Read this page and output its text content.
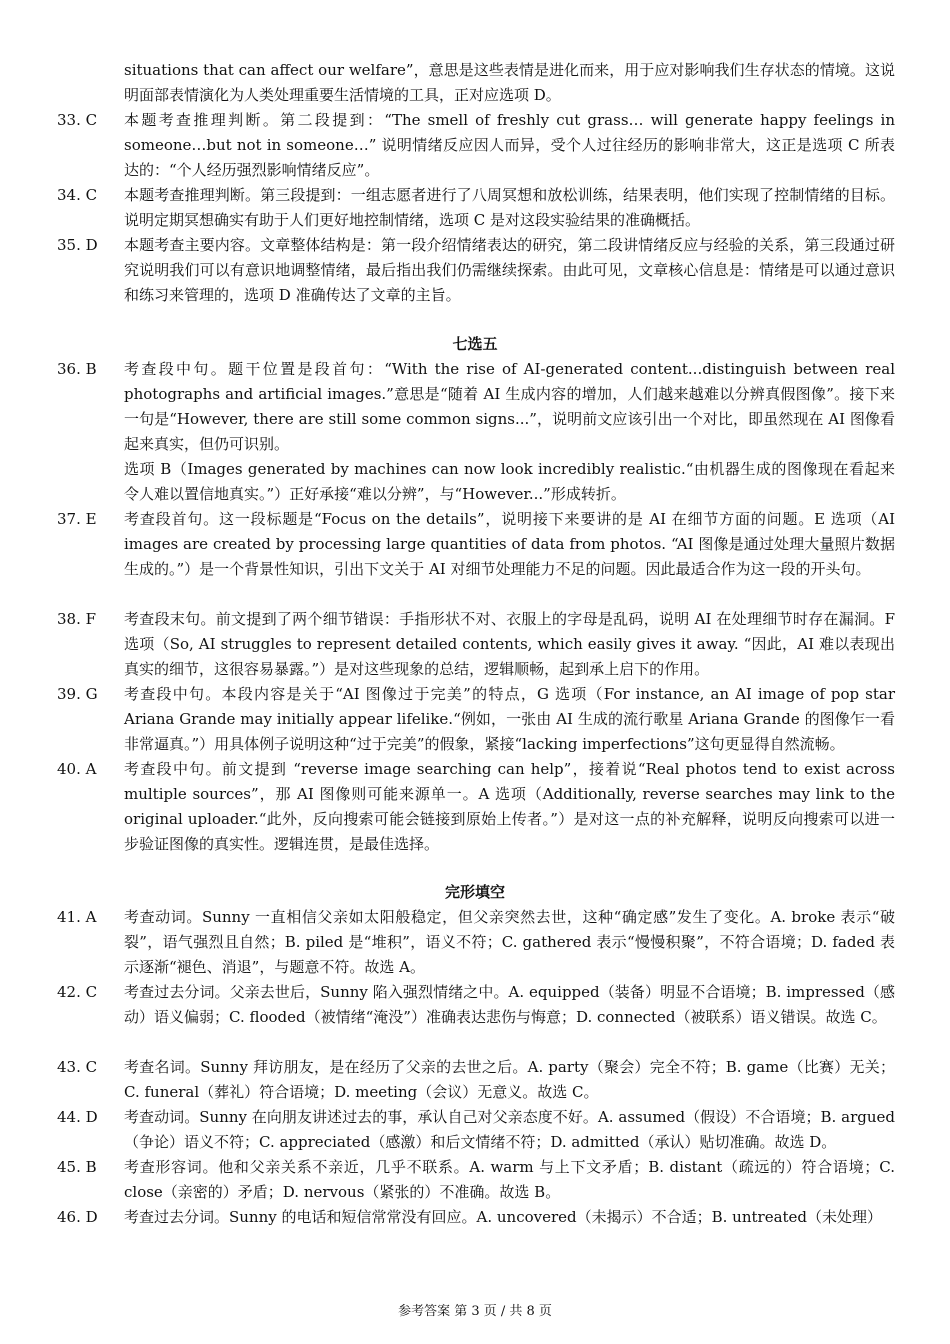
situations that can affect our welfare”，意思是这些表情是进化而来，用于应对影响我们生存状态的情境。这说明面部表情演化为人类处理重要生活情境的工具，正对应选项 D。
33. C	本题考查推理判断。第二段提到：“The smell of freshly cut grass… will generate happy feelings in someone…but not in someone…” 说明情绪反应因人而异，受个人过往经历的影响非常大，这正是选项 C 所表达的：“个人经历强烈影响情绪反应”。
34. C	本题考查推理判断。第三段提到：一组志愿者进行了八周冥想和放松训练，结果表明，他们实现了控制情绪的目标。说明定期冥想确实有助于人们更好地控制情绪，选项 C 是对这段实验结果的准确概括。
35. D	本题考查主要内容。文章整体结构是：第一段介绍情绪表达的研究，第二段讲情绪反应与经验的关系，第三段通过研究说明我们可以有意识地调整情绪，最后指出我们仍需继续探索。由此可见，文章核心信息是：情绪是可以通过意识和练习来管理的，选项 D 准确传达了文章的主旨。
七选五
36. B	考查段中句。题干位置是段首句：“With the rise of AI-generated content...distinguish between real photographs and artificial images.”意思是“随着 AI 生成内容的增加，人们越来越难以分辨真假图像”。接下来一句是“However, there are still some common signs...”，说明前文应该引出一个对比，即虽然现在 AI 图像看起来真实，但仍可识别。
选项 B（Images generated by machines can now look incredibly realistic.“由机器生成的图像现在看起来令人难以置信地真实。”）正好承接“难以分辨”，与“However...”形成转折。
37. E	考查段首句。这一段标题是“Focus on the details”，说明接下来要讲的是 AI 在细节方面的问题。E 选项（AI images are created by processing large quantities of data from photos. “AI 图像是通过处理大量照片数据生成的。”）是一个背景性知识，引出下文关于 AI 对细节处理能力不足的问题。因此最适合作为这一段的开头句。
38. F	考查段末句。前文提到了两个细节错误：手指形状不对、衣服上的字母是乱码，说明 AI 在处理细节时存在漏洞。F 选项（So, AI struggles to represent detailed contents, which easily gives it away. “因此，AI 难以表现出真实的细节，这很容易暴露。”）是对这些现象的总结，逻辑顺畅，起到承上启下的作用。
39. G	考查段中句。本段内容是关于“AI 图像过于完美”的特点，G 选项（For instance, an AI image of pop star Ariana Grande may initially appear lifelike.“例如，一张由 AI 生成的流行歌星 Ariana Grande 的图像乍一看非常逼真。”）用具体例子说明这种“过于完美”的假象，紧接“lacking imperfections”这句更显得自然流畅。
40. A	考查段中句。前文提到 “reverse image searching can help”，接着说“Real photos tend to exist across multiple sources”，那 AI 图像则可能来源单一。A 选项（Additionally, reverse searches may link to the original uploader.“此外，反向搜索可能会链接到原始上传者。”）是对这一点的补充解释，说明反向搜索可以进一步验证图像的真实性。逻辑连贯，是最佳选择。
完形填空
41. A	考查动词。Sunny 一直相信父亲如太阳般稳定，但父亲突然去世，这种“确定感”发生了变化。A. broke 表示“破裂”，语气强烈且自然；B. piled 是“堆积”，语义不符；C. gathered 表示“慢慢积聚”，不符合语境；D. faded 表示逐渐“褪色、消退”，与题意不符。故选 A。
42. C	考查过去分词。父亲去世后，Sunny 陷入强烈情绪之中。A. equipped（装备）明显不合语境；B. impressed（感动）语义偏弱；C. flooded（被情绪“淹没”）准确表达悲伤与悔意；D. connected（被联系）语义错误。故选 C。
43. C	考查名词。Sunny 拜访朋友，是在经历了父亲的去世之后。A. party（聚会）完全不符；B. game（比赛）无关；C. funeral（葬礼）符合语境；D. meeting（会议）无意义。故选 C。
44. D	考查动词。Sunny 在向朋友讲述过去的事，承认自己对父亲态度不好。A. assumed（假设）不合语境；B. argued（争论）语义不符；C. appreciated（感激）和后文情绪不符；D. admitted（承认）贴切准确。故选 D。
45. B	考查形容词。他和父亲关系不亲近，几乎不联系。A. warm 与上下文矛盾；B. distant（疏远的）符合语境；C. close（亲密的）矛盾；D. nervous（紧张的）不准确。故选 B。
46. D	考查过去分词。Sunny 的电话和短信常常没有回应。A. uncovered（未揭示）不合适；B. untreated（未处理）
参考答案 第 3 页 / 共 8 页
